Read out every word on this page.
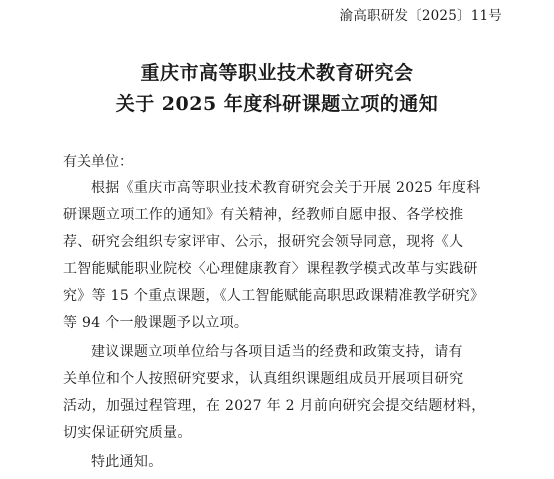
渝高职研发〔2025〕11号
重庆市高等职业技术教育研究会
关于 2025 年度科研课题立项的通知
有关单位：
根据《重庆市高等职业技术教育研究会关于开展 2025 年度科
研课题立项工作的通知》有关精神，经教师自愿申报、各学校推
荐、研究会组织专家评审、公示，报研究会领导同意，现将《人
工智能赋能职业院校〈心理健康教育〉课程教学模式改革与实践研
究》等 15 个重点课题，《人工智能赋能高职思政课精准教学研究》
等 94 个一般课题予以立项。
建议课题立项单位给与各项目适当的经费和政策支持，请有
关单位和个人按照研究要求，认真组织课题组成员开展项目研究
活动，加强过程管理，在 2027 年 2 月前向研究会提交结题材料，
切实保证研究质量。
特此通知。
